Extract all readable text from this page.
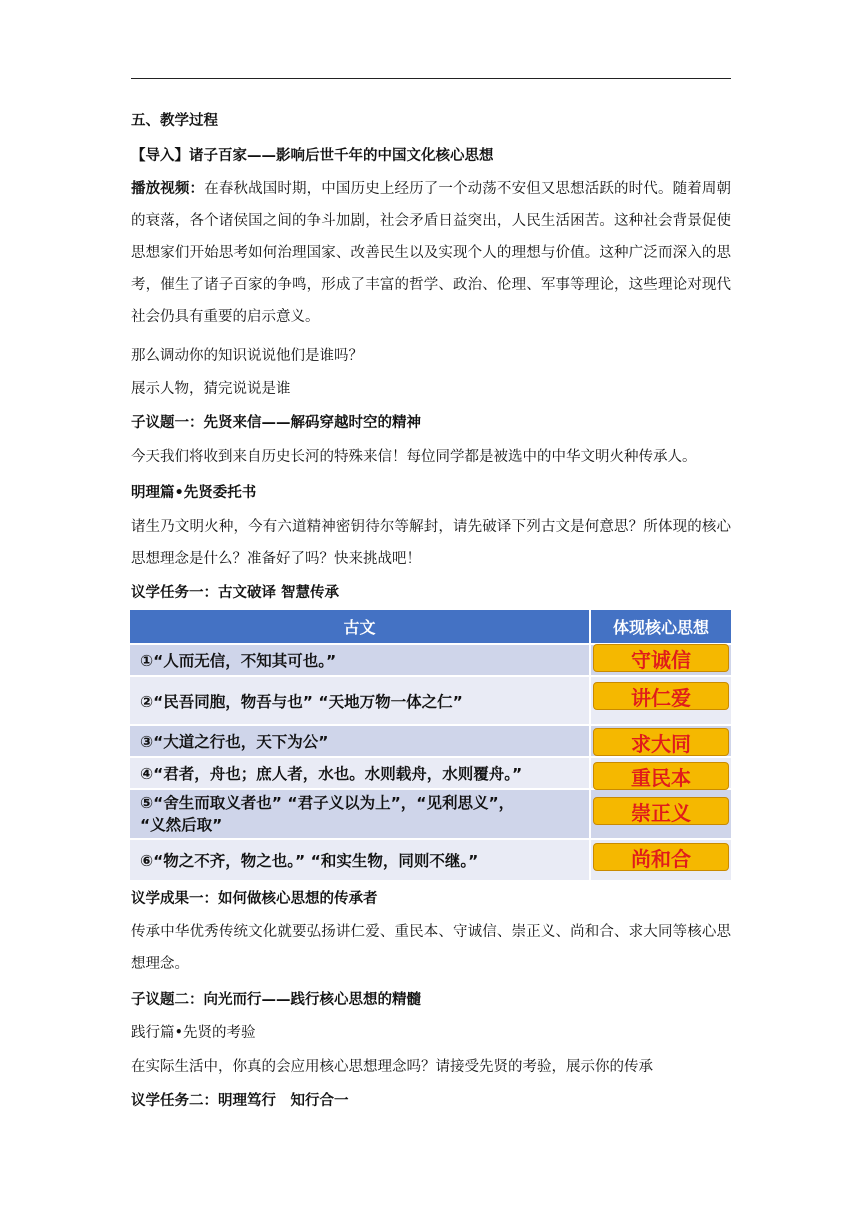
五、教学过程

【导入】诸子百家——影响后世千年的中国文化核心思想

播放视频：在春秋战国时期，中国历史上经历了一个动荡不安但又思想活跃的时代。随着周朝的衰落，各个诸侯国之间的争斗加剧，社会矛盾日益突出，人民生活困苦。这种社会背景促使思想家们开始思考如何治理国家、改善民生以及实现个人的理想与价值。这种广泛而深入的思考，催生了诸子百家的争鸣，形成了丰富的哲学、政治、伦理、军事等理论，这些理论对现代社会仍具有重要的启示意义。

那么调动你的知识说说他们是谁吗？

展示人物，猜完说说是谁

子议题一：先贤来信——解码穿越时空的精神

今天我们将收到来自历史长河的特殊来信！每位同学都是被选中的中华文明火种传承人。

明理篇•先贤委托书

诸生乃文明火种，今有六道精神密钥待尔等解封，请先破译下列古文是何意思？所体现的核心思想理念是什么？准备好了吗？快来挑战吧！

议学任务一：古文破译 智慧传承

古文	体现核心思想
①“人而无信，不知其可也。”
②“民吾同胞，物吾与也” “天地万物一体之仁”
③“大道之行也，天下为公”
④“君者，舟也；庶人者，水也。水则载舟，水则覆舟。”
⑤“舍生而取义者也” “君子义以为上”，“见利思义”，
“义然后取”
⑥“物之不齐，物之也。” “和实生物，同则不继。”
守诚信
讲仁爱
求大同
重民本
崇正义
尚和合

议学成果一：如何做核心思想的传承者

传承中华优秀传统文化就要弘扬讲仁爱、重民本、守诚信、崇正义、尚和合、求大同等核心思想理念。

子议题二：向光而行——践行核心思想的精髓

践行篇•先贤的考验

在实际生活中，你真的会应用核心思想理念吗？请接受先贤的考验，展示你的传承

议学任务二：明理笃行　知行合一
